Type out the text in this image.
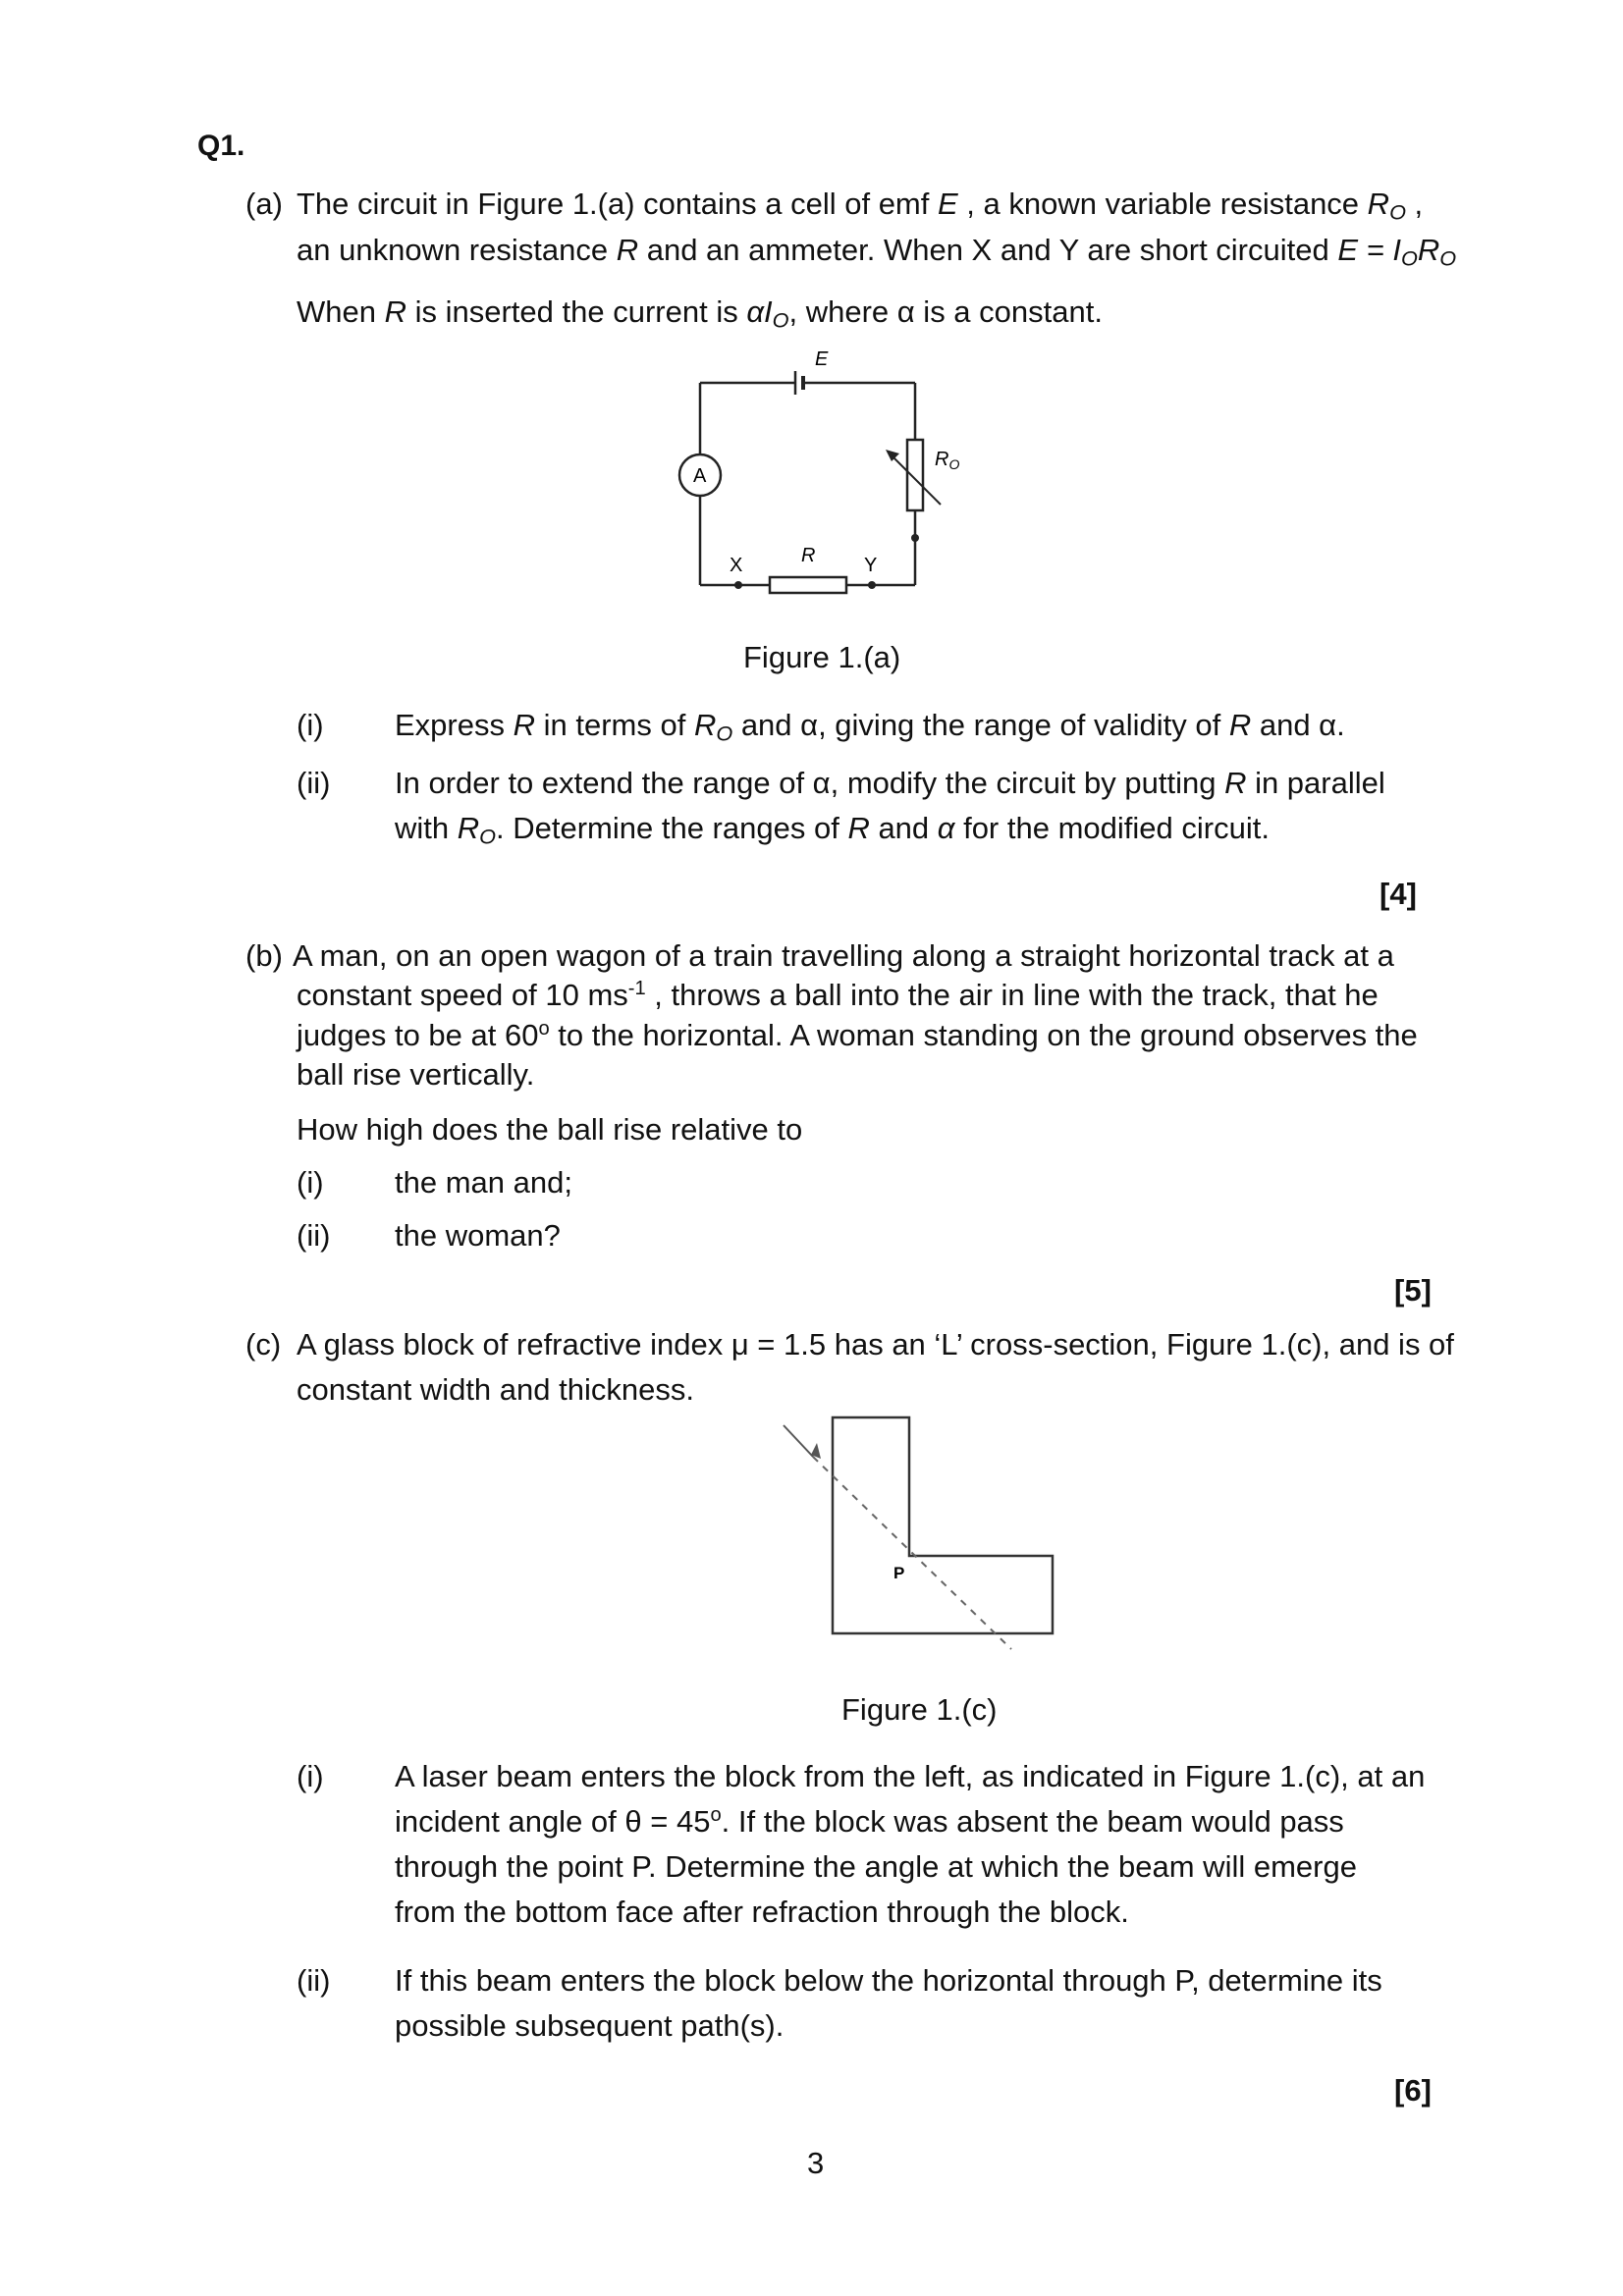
Q1.
(a) The circuit in Figure 1.(a) contains a cell of emf E , a known variable resistance $R_O$ ,
an unknown resistance R and an ammeter. When X and Y are short circuited $E = I_OR_O$
When R is inserted the current is $\alpha I_O$, where α is a constant.
E
A
R
X	Y
$R_O$
Figure 1.(a)
(i) Express R in terms of $R_O$ and α, giving the range of validity of R and α.
(ii) In order to extend the range of α, modify the circuit by putting R in parallel
with $R_O$. Determine the ranges of R and α for the modified circuit.
[4]
(b) A man, on an open wagon of a train travelling along a straight horizontal track at a
constant speed of 10 $ms^{-1}$ , throws a ball into the air in line with the track, that he
judges to be at 60$^o$ to the horizontal. A woman standing on the ground observes the
ball rise vertically.
How high does the ball rise relative to
(i) the man and;
(ii) the woman?
[5]
(c) A glass block of refractive index μ = 1.5 has an ‘L’ cross-section, Figure 1.(c), and is of
constant width and thickness.
P
Figure 1.(c)
(i) A laser beam enters the block from the left, as indicated in Figure 1.(c), at an
incident angle of $\theta = 45^o$. If the block was absent the beam would pass
through the point P. Determine the angle at which the beam will emerge
from the bottom face after refraction through the block.
(ii) If this beam enters the block below the horizontal through P, determine its
possible subsequent path(s).
[6]
3
